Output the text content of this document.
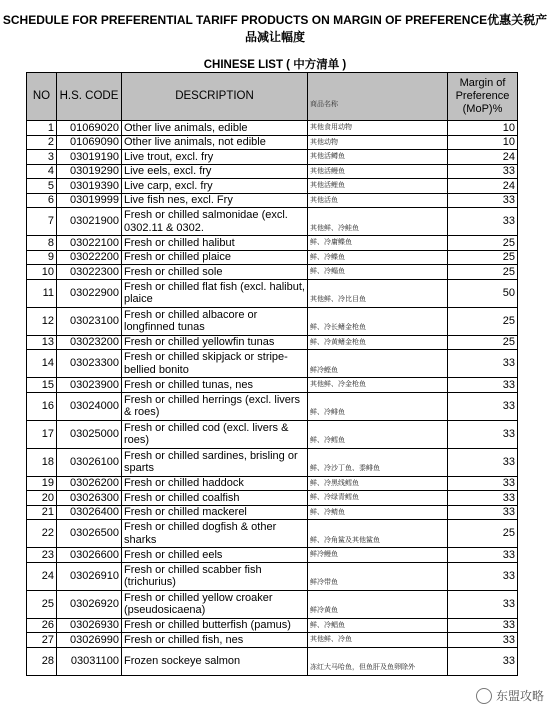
SCHEDULE FOR PREFERENTIAL TARIFF PRODUCTS ON MARGIN OF PREFERENCE优惠关税产品减让幅度
CHINESE LIST ( 中方清单 )
NO	H.S. CODE	DESCRIPTION	商品名称	Margin of Preference (MoP)%
1	01069020	Other live animals, edible	其他食用动物	10
2	01069090	Other live animals, not edible	其他动物	10
3	03019190	Live trout, excl. fry	其他活鳟鱼	24
4	03019290	Live eels, excl. fry	其他活鳗鱼	33
5	03019390	Live carp, excl. fry	其他活鲤鱼	24
6	03019999	Live fish nes, excl. Fry	其他活鱼	33
7	03021900	Fresh or chilled salmonidae (excl. 0302.11 & 0302.	其他鲜、冷鲑鱼	33
8	03022100	Fresh or chilled halibut	鲜、冷庸鲽鱼	25
9	03022200	Fresh or chilled plaice	鲜、冷鲽鱼	25
10	03022300	Fresh or chilled sole	鲜、冷鳎鱼	25
11	03022900	Fresh or chilled flat fish (excl. halibut, plaice	其他鲜、冷比目鱼	50
12	03023100	Fresh or chilled albacore or longfinned tunas	鲜、冷长鳍金枪鱼	25
13	03023200	Fresh or chilled yellowfin tunas	鲜、冷黄鳍金枪鱼	25
14	03023300	Fresh or chilled skipjack or stripe-bellied bonito	鲜冷鲣鱼	33
15	03023900	Fresh or chilled tunas, nes	其他鲜、冷金枪鱼	33
16	03024000	Fresh or chilled herrings (excl. livers & roes)	鲜、冷鲱鱼	33
17	03025000	Fresh or chilled cod (excl. livers & roes)	鲜、冷鳕鱼	33
18	03026100	Fresh or chilled sardines, brisling or sparts	鲜、冷沙丁鱼、黍鲱鱼	33
19	03026200	Fresh or chilled haddock	鲜、冷黑线鳕鱼	33
20	03026300	Fresh or chilled coalfish	鲜、冷绿青鳕鱼	33
21	03026400	Fresh or chilled mackerel	鲜、冷鲭鱼	33
22	03026500	Fresh or chilled dogfish & other sharks	鲜、冷角鲨及其他鲨鱼	25
23	03026600	Fresh or chilled eels	鲜冷鳗鱼	33
24	03026910	Fresh or chilled scabber fish (trichurius)	鲜冷带鱼	33
25	03026920	Fresh or chilled yellow croaker (pseudosicaena)	鲜冷黄鱼	33
26	03026930	Fresh or chilled butterfish (pamus)	鲜、冷鲳鱼	33
27	03026990	Fresh or chilled fish, nes	其他鲜、冷鱼	33
28	03031100	Frozen sockeye salmon	冻红大马哈鱼，但鱼肝及鱼卵除外	33
东盟攻略
